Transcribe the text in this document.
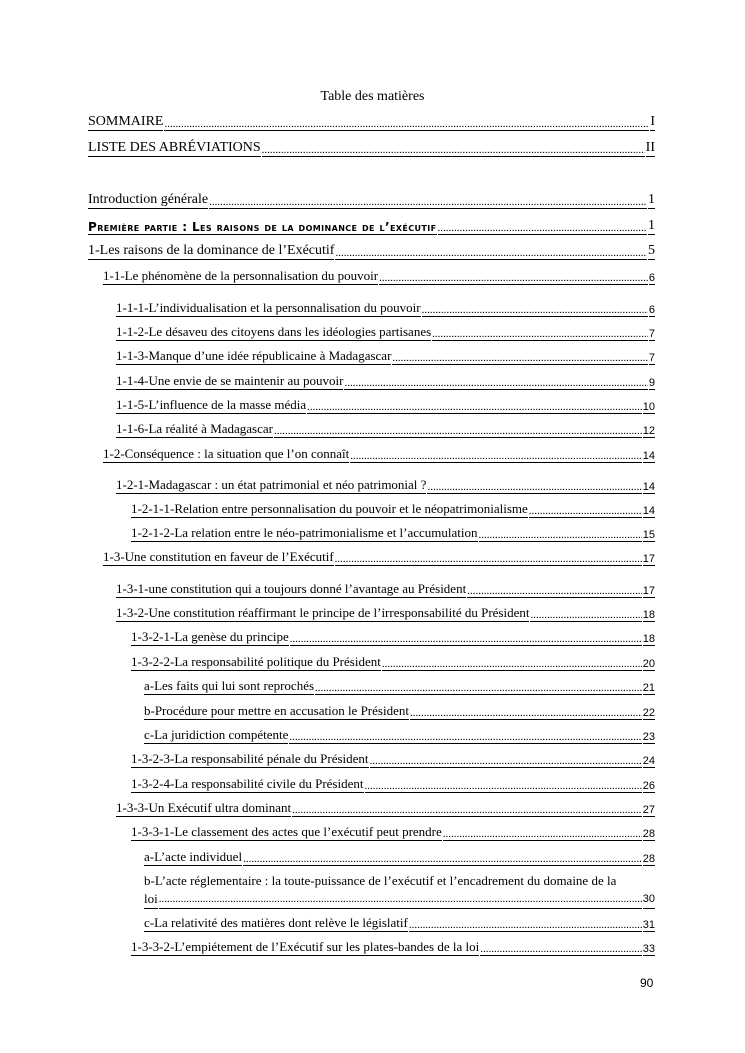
Table des matières
SOMMAIRE .....	I
LISTE DES ABRÉVIATIONS .....	II
Introduction générale .....	1
Première partie : Les raisons de la dominance de l’exécutif .....	1
1-Les raisons de la dominance de l’Exécutif .....	5
1-1-Le phénomène de la personnalisation du pouvoir .....	6
1-1-1-L’individualisation et la personnalisation du pouvoir .....	6
1-1-2-Le désaveu des citoyens dans les idéologies partisanes .....	7
1-1-3-Manque d’une idée républicaine à Madagascar .....	7
1-1-4-Une envie de se maintenir au pouvoir .....	9
1-1-5-L’influence de la masse média .....	10
1-1-6-La réalité à Madagascar .....	12
1-2-Conséquence : la situation que l’on connaît .....	14
1-2-1-Madagascar : un état patrimonial et néo patrimonial ? .....	14
1-2-1-1-Relation entre personnalisation du pouvoir et le néopatrimonialisme .....	14
1-2-1-2-La relation entre le néo-patrimonialisme et l’accumulation .....	15
1-3-Une constitution en faveur de l’Exécutif .....	17
1-3-1-une constitution qui a toujours donné l’avantage au Président .....	17
1-3-2-Une constitution réaffirmant le principe de l’irresponsabilité du Président .....	18
1-3-2-1-La genèse du principe .....	18
1-3-2-2-La responsabilité politique du Président .....	20
a-Les faits qui lui sont reprochés .....	21
b-Procédure pour mettre en accusation le Président .....	22
c-La juridiction compétente .....	23
1-3-2-3-La responsabilité pénale du Président .....	24
1-3-2-4-La responsabilité civile du Président .....	26
1-3-3-Un Exécutif ultra dominant .....	27
1-3-3-1-Le classement des actes que l’exécutif peut prendre .....	28
a-L’acte individuel .....	28
b-L’acte réglementaire : la toute-puissance de l’exécutif et l’encadrement du domaine de la
loi .....	30
c-La relativité des matières dont relève le législatif .....	31
1-3-3-2-L’empiétement de l’Exécutif sur les plates-bandes de la loi .....	33
90
